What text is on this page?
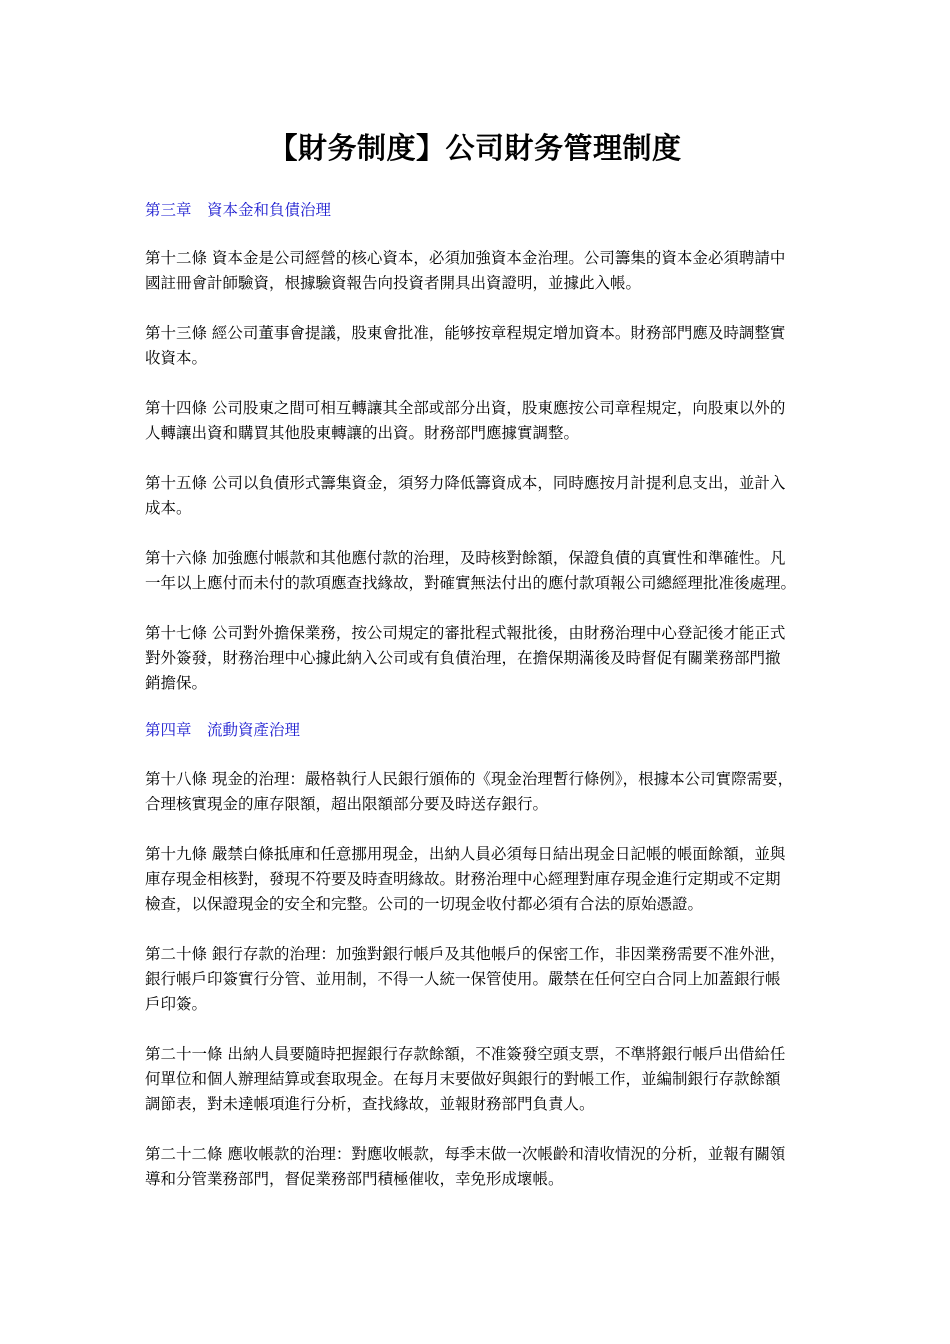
【財务制度】公司財务管理制度
第三章　資本金和負債治理
第十二條 資本金是公司經營的核心資本，必須加強資本金治理。公司籌集的資本金必須聘請中
國註冊會計師驗資，根據驗資報告向投資者開具出資證明，並據此入帳。
第十三條 經公司董事會提議，股東會批准，能够按章程規定增加資本。財務部門應及時調整實
收資本。
第十四條 公司股東之間可相互轉讓其全部或部分出資，股東應按公司章程規定，向股東以外的
人轉讓出資和購買其他股東轉讓的出資。財務部門應據實調整。
第十五條 公司以負債形式籌集資金，須努力降低籌資成本，同時應按月計提利息支出，並計入
成本。
第十六條 加強應付帳款和其他應付款的治理，及時核對餘額，保證負債的真實性和準確性。凡
一年以上應付而未付的款項應查找緣故，對確實無法付出的應付款項報公司總經理批准後處理。
第十七條 公司對外擔保業務，按公司規定的審批程式報批後，由財務治理中心登記後才能正式
對外簽發，財務治理中心據此納入公司或有負債治理，在擔保期滿後及時督促有關業務部門撤
銷擔保。
第四章　流動資產治理
第十八條 現金的治理：嚴格執行人民銀行頒佈的《現金治理暫行條例》，根據本公司實際需要，
合理核實現金的庫存限額，超出限額部分要及時送存銀行。
第十九條 嚴禁白條抵庫和任意挪用現金，出納人員必須每日結出現金日記帳的帳面餘額，並與
庫存現金相核對，發現不符要及時查明緣故。財務治理中心經理對庫存現金進行定期或不定期
檢查，以保證現金的安全和完整。公司的一切現金收付都必須有合法的原始憑證。
第二十條 銀行存款的治理：加強對銀行帳戶及其他帳戶的保密工作，非因業務需要不准外泄，
銀行帳戶印簽實行分管、並用制，不得一人統一保管使用。嚴禁在任何空白合同上加蓋銀行帳
戶印簽。
第二十一條 出納人員要隨時把握銀行存款餘額，不准簽發空頭支票，不準將銀行帳戶出借給任
何單位和個人辦理結算或套取現金。在每月末要做好與銀行的對帳工作，並編制銀行存款餘額
調節表，對未達帳項進行分析，查找緣故，並報財務部門負責人。
第二十二條 應收帳款的治理：對應收帳款，每季末做一次帳齡和清收情況的分析，並報有關領
導和分管業務部門，督促業務部門積極催收，幸免形成壞帳。
